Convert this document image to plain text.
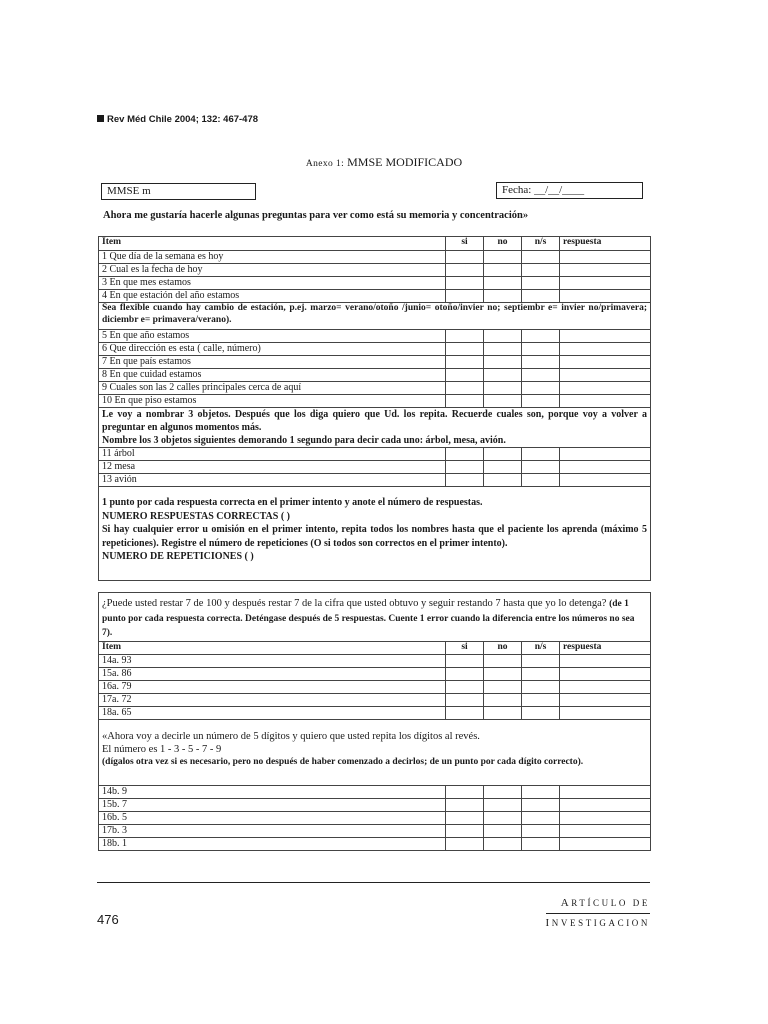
Rev Méd Chile 2004; 132: 467-478
Anexo 1: MMSE MODIFICADO
MMSE m	Fecha: __/__/____
Ahora me gustaría hacerle algunas preguntas para ver como está su memoria y concentración»
Item	si	no	n/s	respuesta
1 Que día de la semana es hoy				
2 Cual es la fecha de hoy				
3 En que mes estamos				
4 En que estación del año estamos				
Sea flexible cuando hay cambio de estación, p.ej. marzo= verano/otoño /junio= otoño/invier no; septiembr e= invier no/primavera; diciembr e= primavera/verano).				
5 En que año estamos				
6 Que dirección es esta ( calle, número)				
7 En que país estamos				
8 En que cuidad estamos				
9 Cuales son las 2 calles principales cerca de aquí				
10 En que piso estamos				

Le voy a nombrar 3 objetos. Después que los diga quiero que Ud. los repita. Recuerde cuales son, porque voy a volver a preguntar en algunos momentos más.
Nombre los 3 objetos siguientes demorando 1 segundo para decir cada uno: árbol, mesa, avión.				

11 árbol				
12 mesa				
13 avión				

1 punto por cada respuesta correcta en el primer intento y anote el número de respuestas.
NUMERO RESPUESTAS CORRECTAS ( )
Si hay cualquier error u omisión en el primer intento, repita todos los nombres hasta que el paciente los aprenda (máximo 5 repeticiones). Registre el número de repeticiones (O si todos son correctos en el primer intento).
NUMERO DE REPETICIONES ( )				
¿Puede usted restar 7 de 100 y después restar 7 de la cifra que usted obtuvo y seguir restando 7 hasta que yo lo detenga? (de 1 punto por cada respuesta correcta. Deténgase después de 5 respuestas. Cuente 1 error cuando la diferencia entre los números no sea 7).				
Item	si	no	n/s	respuesta
14a. 93				
15a. 86				
16a. 79				
17a. 72				
18a. 65				

«Ahora voy a decirle un número de 5 dígitos y quiero que usted repita los dígitos al revés.
El número es 1 - 3 - 5 - 7 - 9
(dígalos otra vez si es necesario, pero no después de haber comenzado a decirlos; de un punto por cada dígito correcto).				

14b. 9				
15b. 7				
16b. 5				
17b. 3				
18b. 1				
476
ARTÍCULO DE
INVESTIGACION
